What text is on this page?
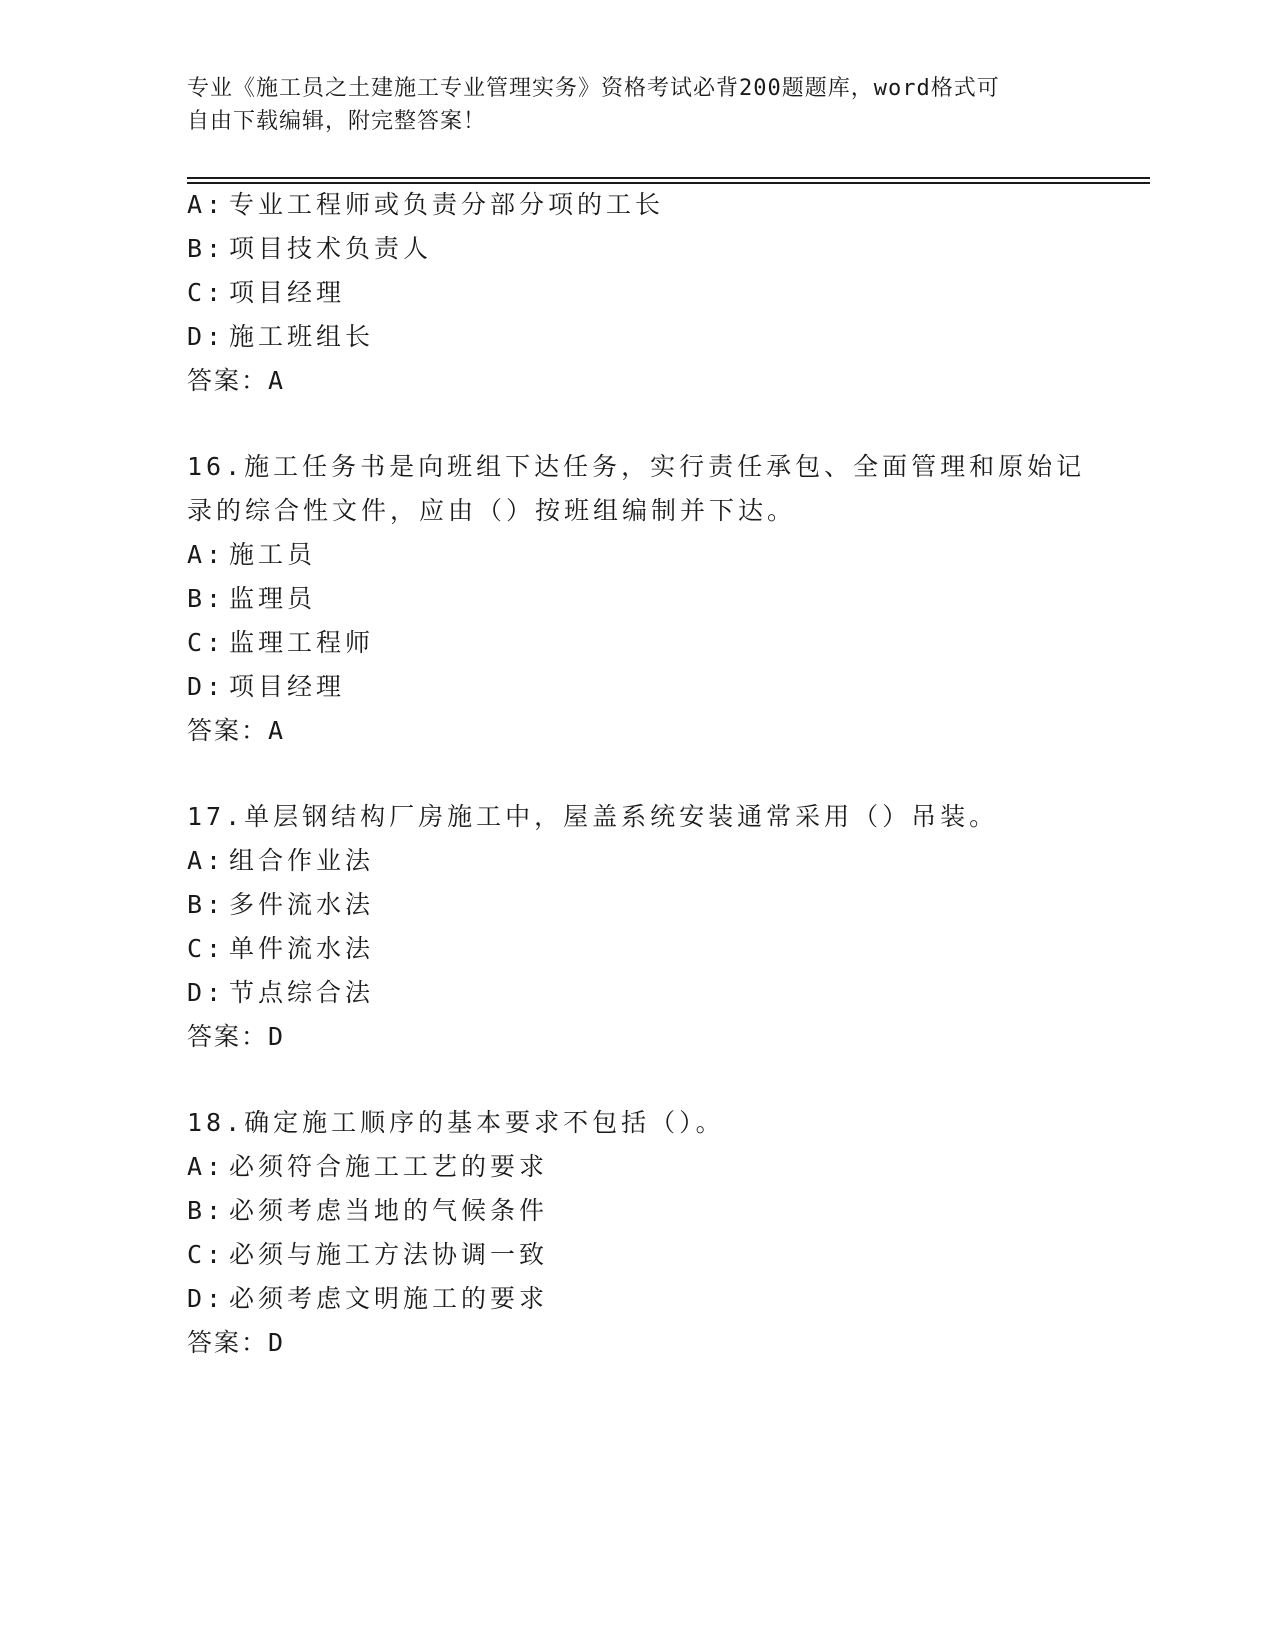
专业《施工员之土建施工专业管理实务》资格考试必背200题题库，word格式可
自由下载编辑，附完整答案！
A: 专业工程师或负责分部分项的工长
B: 项目技术负责人
C: 项目经理
D: 施工班组长
答案：A
16.施工任务书是向班组下达任务，实行责任承包、全面管理和原始记
录的综合性文件，应由（）按班组编制并下达。
A: 施工员
B: 监理员
C: 监理工程师
D: 项目经理
答案：A
17.单层钢结构厂房施工中，屋盖系统安装通常采用（）吊装。
A: 组合作业法
B: 多件流水法
C: 单件流水法
D: 节点综合法
答案：D
18.确定施工顺序的基本要求不包括（）。
A: 必须符合施工工艺的要求
B: 必须考虑当地的气候条件
C: 必须与施工方法协调一致
D: 必须考虑文明施工的要求
答案：D
